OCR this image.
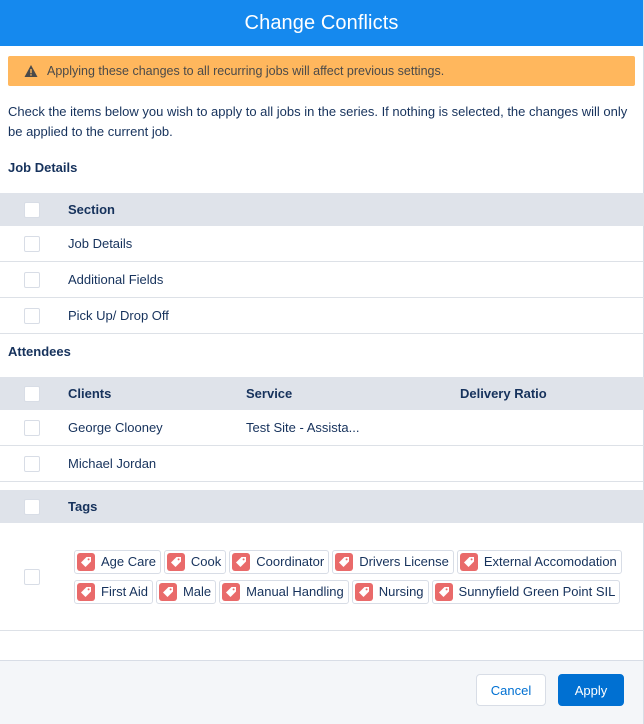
Change Conflicts
Applying these changes to all recurring jobs will affect previous settings.
Check the items below you wish to apply to all jobs in the series. If nothing is selected, the changes will only be applied to the current job.
Job Details
Section
Job Details
Additional Fields
Pick Up/ Drop Off
Attendees
Clients	Service	Delivery Ratio
George Clooney	Test Site - Assista...
Michael Jordan
Tags
Age Care	Cook	Coordinator	Drivers License	External Accomodation
First Aid	Male	Manual Handling	Nursing	Sunnyfield Green Point SIL
Cancel	Apply
